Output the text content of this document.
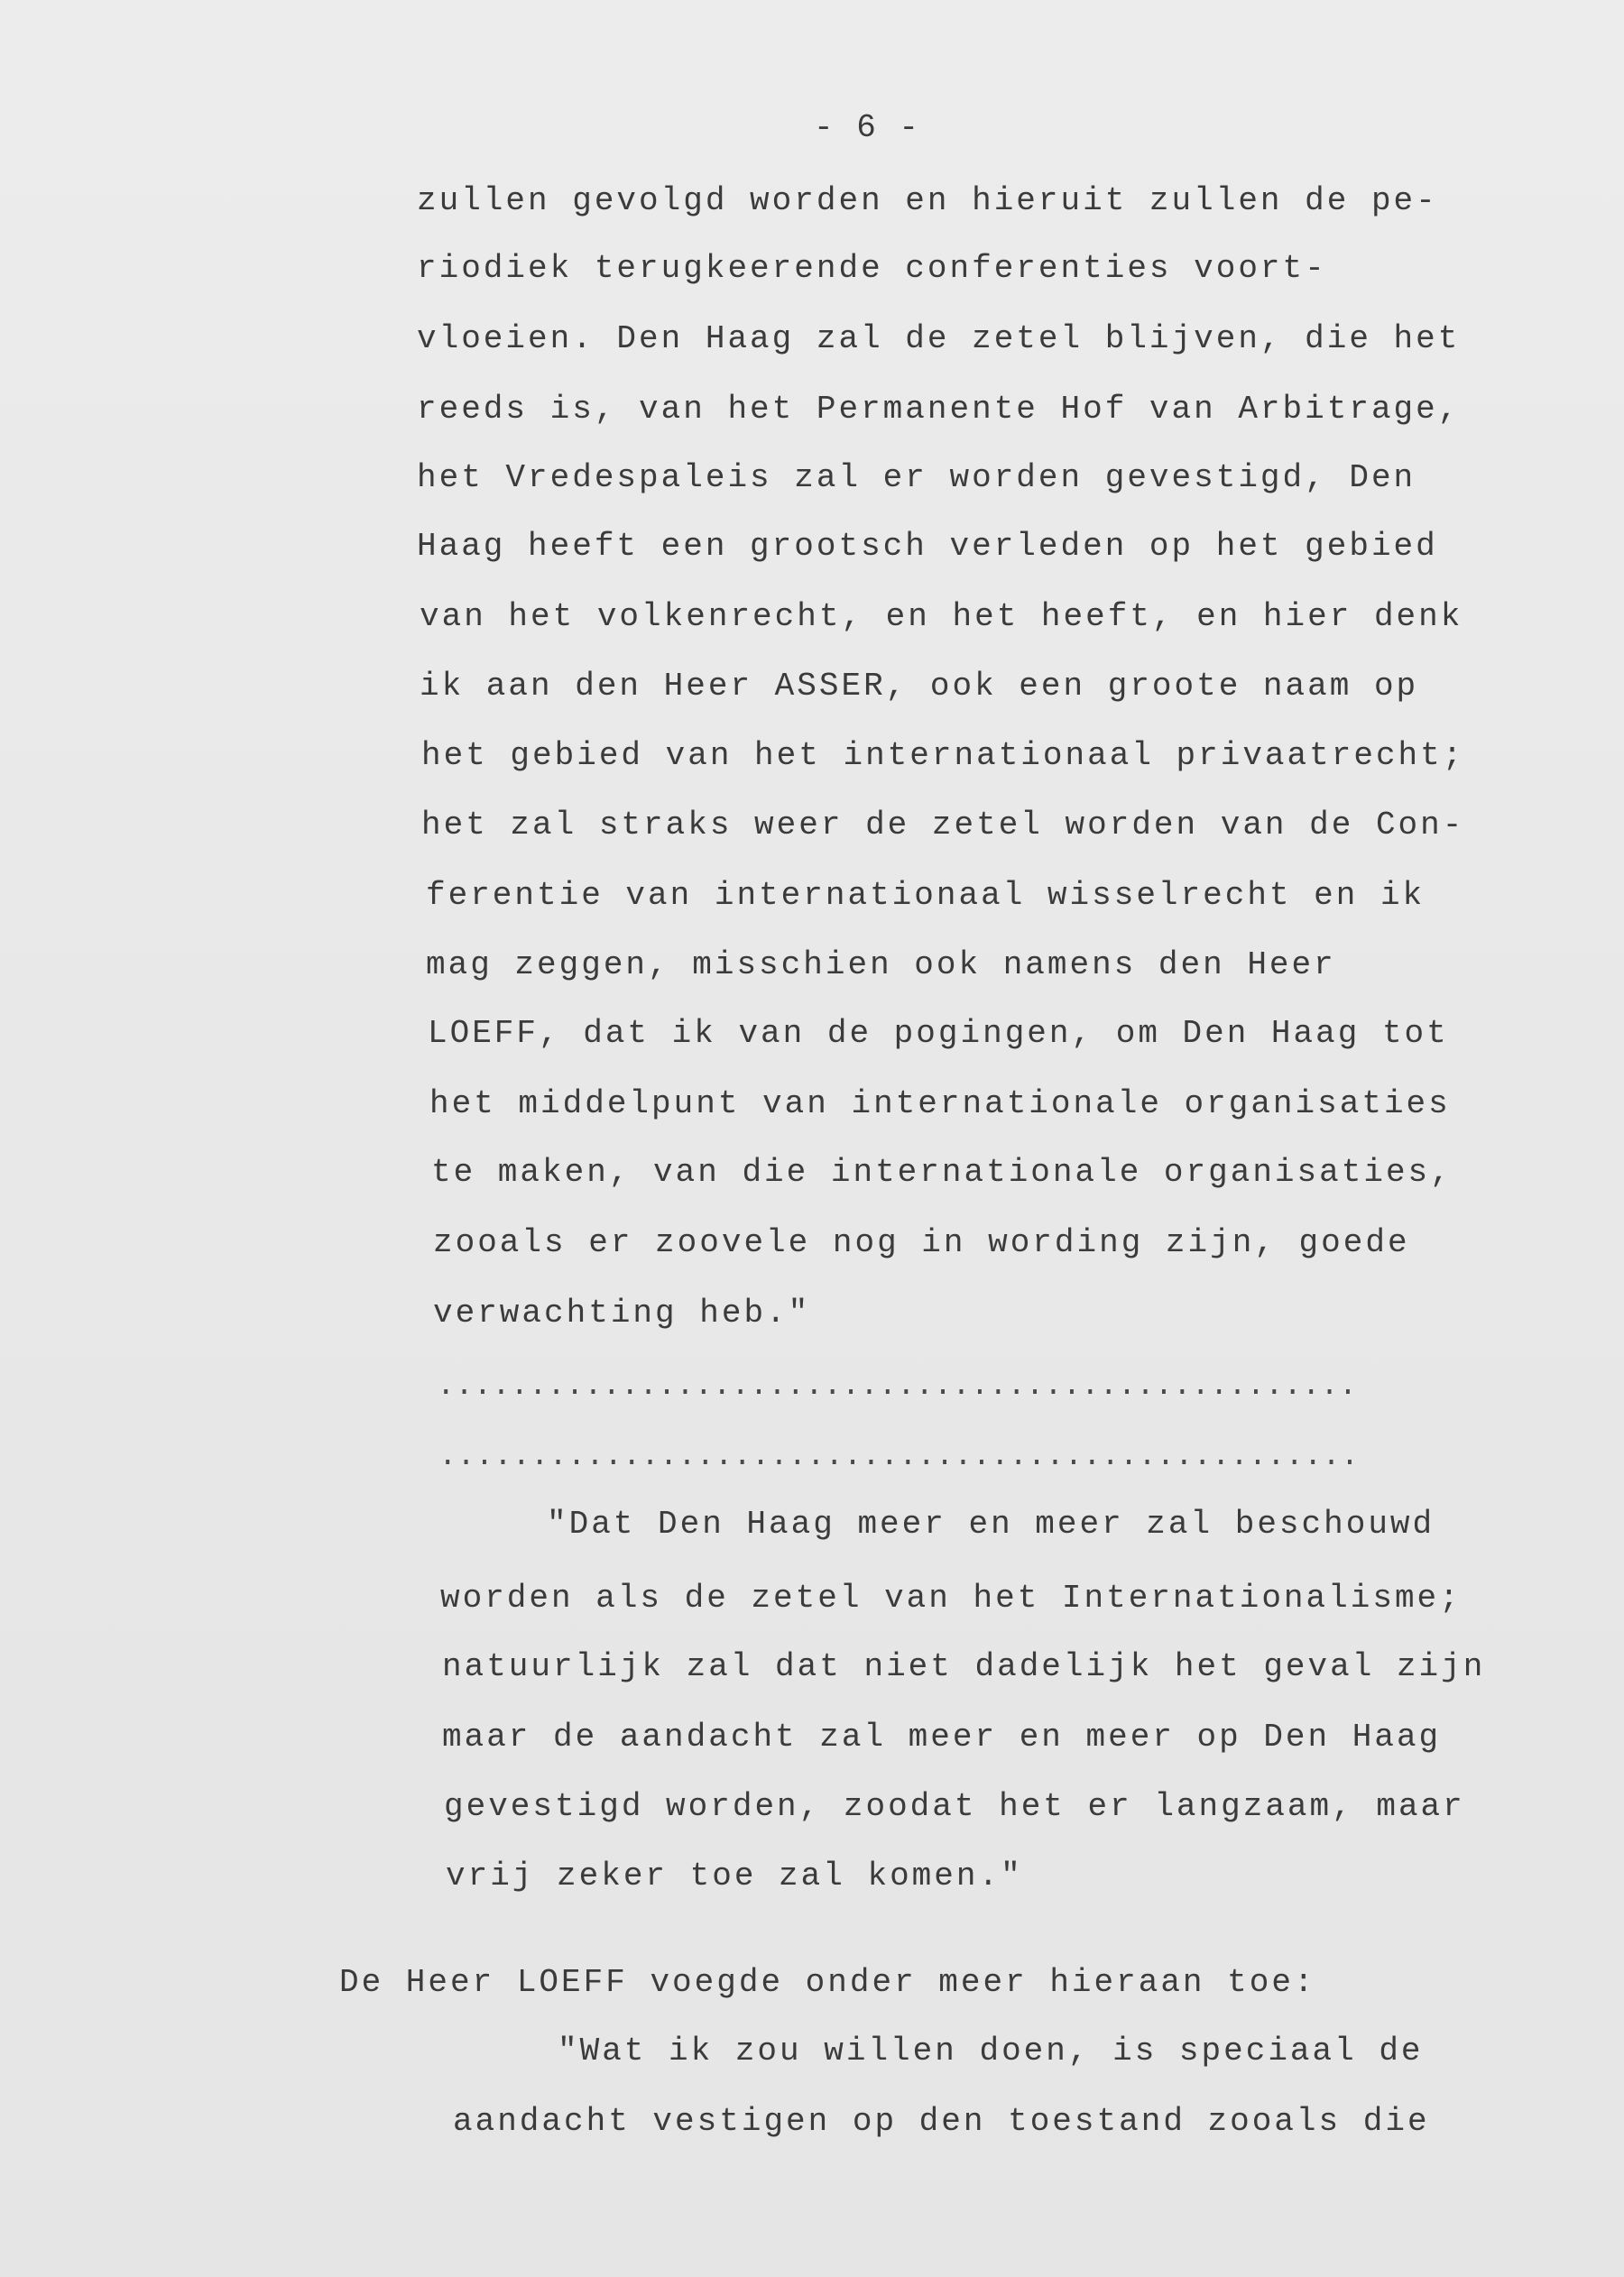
- 6 -
zullen gevolgd worden en hieruit zullen de pe-
riodiek terugkeerende conferenties voort-
vloeien. Den Haag zal de zetel blijven, die het
reeds is, van het Permanente Hof van Arbitrage,
het Vredespaleis zal er worden gevestigd, Den
Haag heeft een grootsch verleden op het gebied
van het volkenrecht, en het heeft, en hier denk
ik aan den Heer ASSER, ook een groote naam op
het gebied van het internationaal privaatrecht;
het zal straks weer de zetel worden van de Con-
ferentie van internationaal wisselrecht en ik
mag zeggen, misschien ook namens den Heer
LOEFF, dat ik van de pogingen, om Den Haag tot
het middelpunt van internationale organisaties
te maken, van die internationale organisaties,
zooals er zoovele nog in wording zijn, goede
verwachting heb."
..................................................
..................................................
"Dat Den Haag meer en meer zal beschouwd
worden als de zetel van het Internationalisme;
natuurlijk zal dat niet dadelijk het geval zijn
maar de aandacht zal meer en meer op Den Haag
gevestigd worden, zoodat het er langzaam, maar
vrij zeker toe zal komen."
De Heer LOEFF voegde onder meer hieraan toe:
"Wat ik zou willen doen, is speciaal de
aandacht vestigen op den toestand zooals die
